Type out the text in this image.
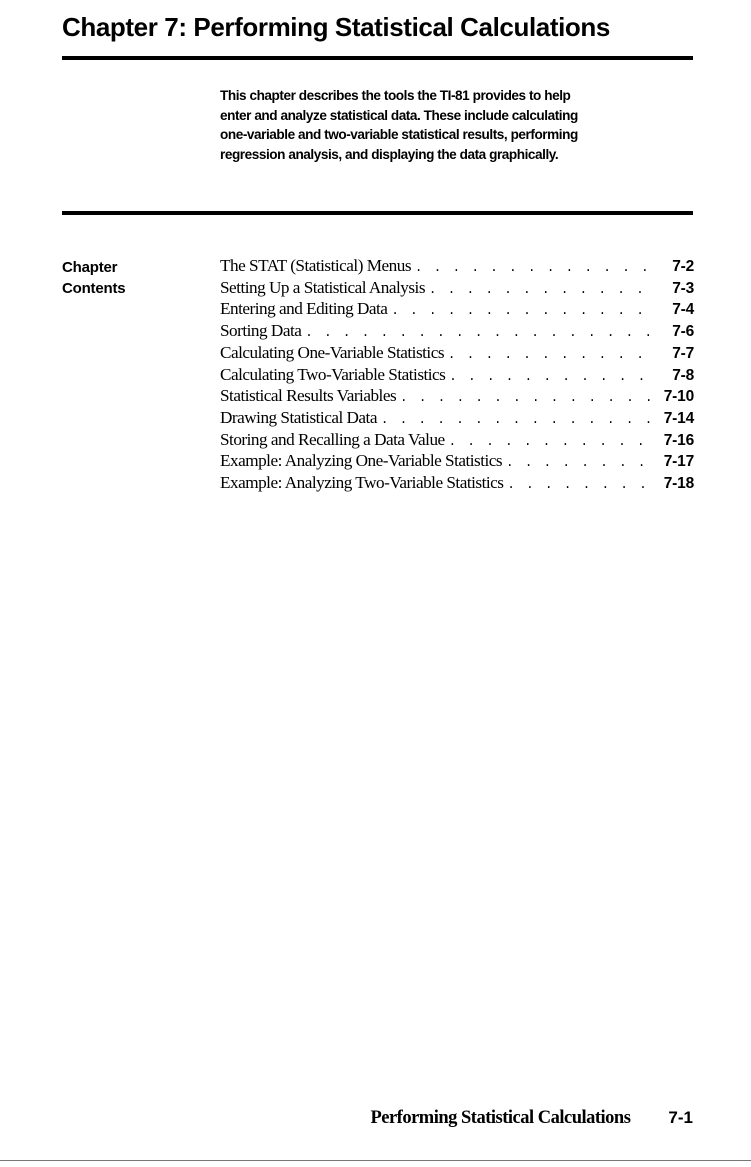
Chapter 7: Performing Statistical Calculations
This chapter describes the tools the TI-81 provides to help
enter and analyze statistical data. These include calculating
one-variable and two-variable statistical results, performing
regression analysis, and displaying the data graphically.
Chapter
Contents
The STAT (Statistical) Menus . . .	7-2
Setting Up a Statistical Analysis . . .	7-3
Entering and Editing Data . . .	7-4
Sorting Data . . .	7-6
Calculating One-Variable Statistics . . .	7-7
Calculating Two-Variable Statistics . . .	7-8
Statistical Results Variables . . .	7-10
Drawing Statistical Data . . .	7-14
Storing and Recalling a Data Value . . .	7-16
Example: Analyzing One-Variable Statistics . . .	7-17
Example: Analyzing Two-Variable Statistics . . .	7-18
Performing Statistical Calculations 7-1
